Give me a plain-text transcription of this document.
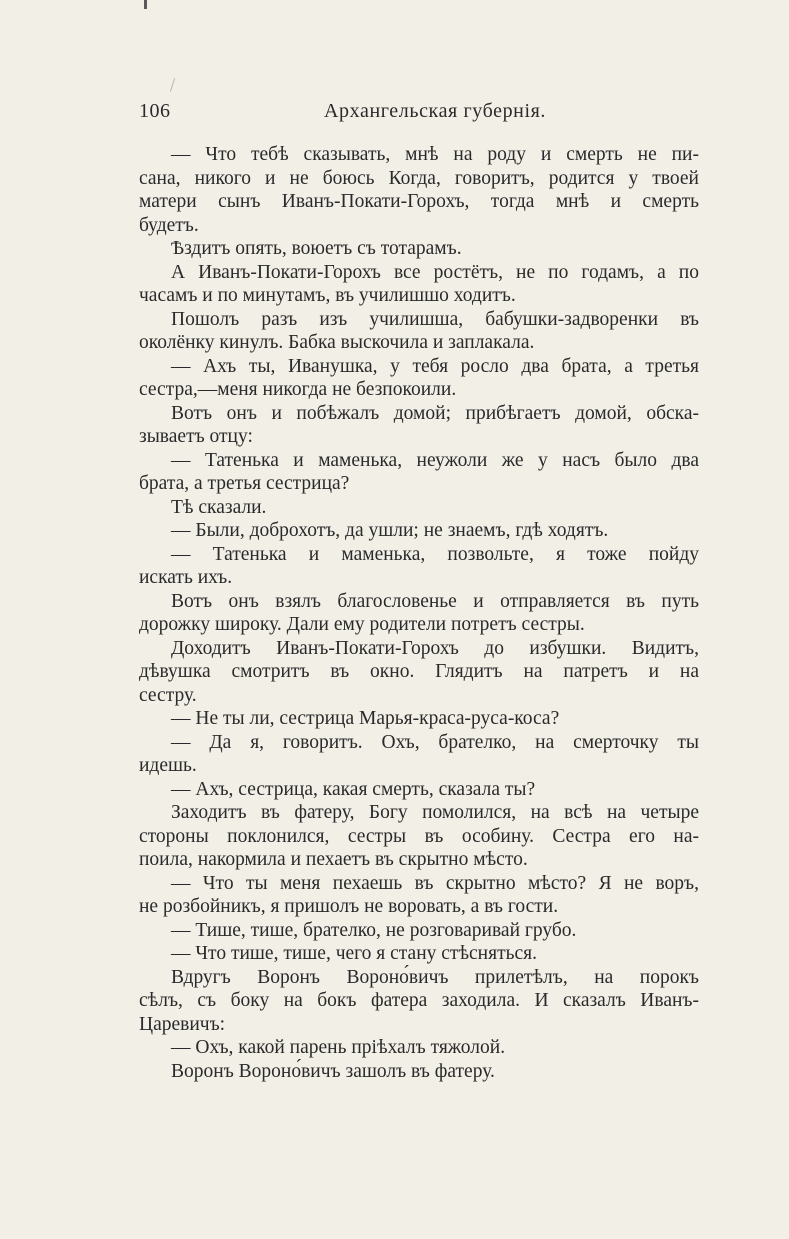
106	Архангельская губернія.
— Что тебѣ сказывать, мнѣ на роду и смерть не пи-
сана, никого и не боюсь Когда, говоритъ, родится у твоей
матери сынъ Иванъ-Покати-Горохъ, тогда мнѣ и смерть
будетъ.
Ѣздитъ опять, воюетъ съ тотарамъ.
А Иванъ-Покати-Горохъ все ростётъ, не по годамъ, а по
часамъ и по минутамъ, въ училишшо ходитъ.
Пошолъ разъ изъ училишша, бабушки-задворенки въ
околёнку кинулъ. Бабка выскочила и заплакала.
— Ахъ ты, Иванушка, у тебя росло два брата, а третья
сестра,—меня никогда не безпокоили.
Вотъ онъ и побѣжалъ домой; прибѣгаетъ домой, обска-
зываетъ отцу:
— Татенька и маменька, неужоли же у насъ было два
брата, а третья сестрица?
Тѣ сказали.
— Были, доброхотъ, да ушли; не знаемъ, гдѣ ходятъ.
— Татенька и маменька, позвольте, я тоже пойду
искать ихъ.
Вотъ онъ взялъ благословенье и отправляется въ путь
дорожку широку. Дали ему родители потретъ сестры.
Доходитъ Иванъ-Покати-Горохъ до избушки. Видитъ,
дѣвушка смотритъ въ окно. Глядитъ на патретъ и на
сестру.
— Не ты ли, сестрица Марья-краса-руса-коса?
— Да я, говоритъ. Охъ, брателко, на смерточку ты
идешь.
— Ахъ, сестрица, какая смерть, сказала ты?
Заходитъ въ фатеру, Богу помолился, на всѣ на четыре
стороны поклонился, сестры въ особину. Сестра его на-
поила, накормила и пехаетъ въ скрытно мѣсто.
— Что ты меня пехаешь въ скрытно мѣсто? Я не воръ,
не розбойникъ, я пришолъ не воровать, а въ гости.
— Тише, тише, брателко, не розговаривай грубо.
— Что тише, тише, чего я стану стѣсняться.
Вдругъ Воронъ Вороно́вичъ прилетѣлъ, на порокъ
сѣлъ, съ боку на бокъ фатера заходила. И сказалъ Иванъ-
Царевичъ:
— Охъ, какой парень пріѣхалъ тяжолой.
Воронъ Вороно́вичъ зашолъ въ фатеру.
